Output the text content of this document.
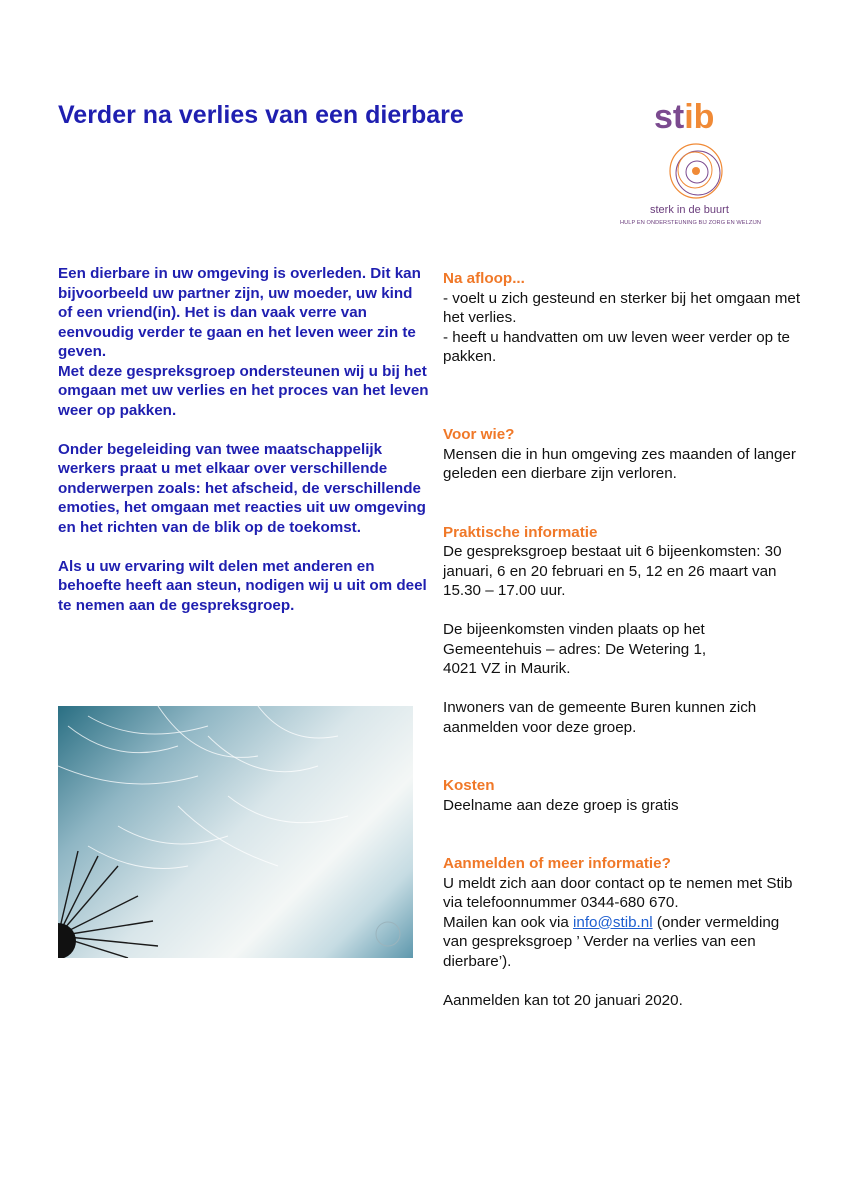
Verder na verlies van een dierbare	stib
sterk in de buurt
HULP EN ONDERSTEUNING BIJ ZORG EN WELZIJN

Een dierbare in uw omgeving is overleden. Dit kan bijvoorbeeld uw partner zijn, uw moeder, uw kind of een vriend(in). Het is dan vaak verre van eenvoudig verder te gaan en het leven weer zin te geven.
Met deze gespreksgroep ondersteunen wij u bij het omgaan met uw verlies en het proces van het leven weer op pakken.

Onder begeleiding van twee maatschappelijk werkers praat u met elkaar over verschillende onderwerpen zoals: het afscheid, de verschillende emoties, het omgaan met reacties uit uw omgeving en het richten van de blik op de toekomst.

Als u uw ervaring wilt delen met anderen en behoefte heeft aan steun, nodigen wij u uit om deel te nemen aan de gespreksgroep.

Na afloop...
- voelt u zich gesteund en sterker bij het omgaan met het verlies.
- heeft u handvatten om uw leven weer verder op te pakken.
Voor wie?
Mensen die in hun omgeving zes maanden of langer geleden een dierbare zijn verloren.
Praktische informatie
De gespreksgroep bestaat uit 6 bijeenkomsten: 30 januari, 6 en 20 februari en 5, 12 en 26 maart van 15.30 – 17.00 uur.
De bijeenkomsten vinden plaats op het
Gemeentehuis – adres: De Wetering 1,
4021 VZ in Maurik.
Inwoners van de gemeente Buren kunnen zich aanmelden voor deze groep.
Kosten
Deelname aan deze groep is gratis
Aanmelden of meer informatie?
U meldt zich aan door contact op te nemen met Stib via telefoonnummer 0344-680 670.
Mailen kan ook via info@stib.nl (onder vermelding van gespreksgroep ’ Verder na verlies van een dierbare’).
Aanmelden kan tot 20 januari 2020.
